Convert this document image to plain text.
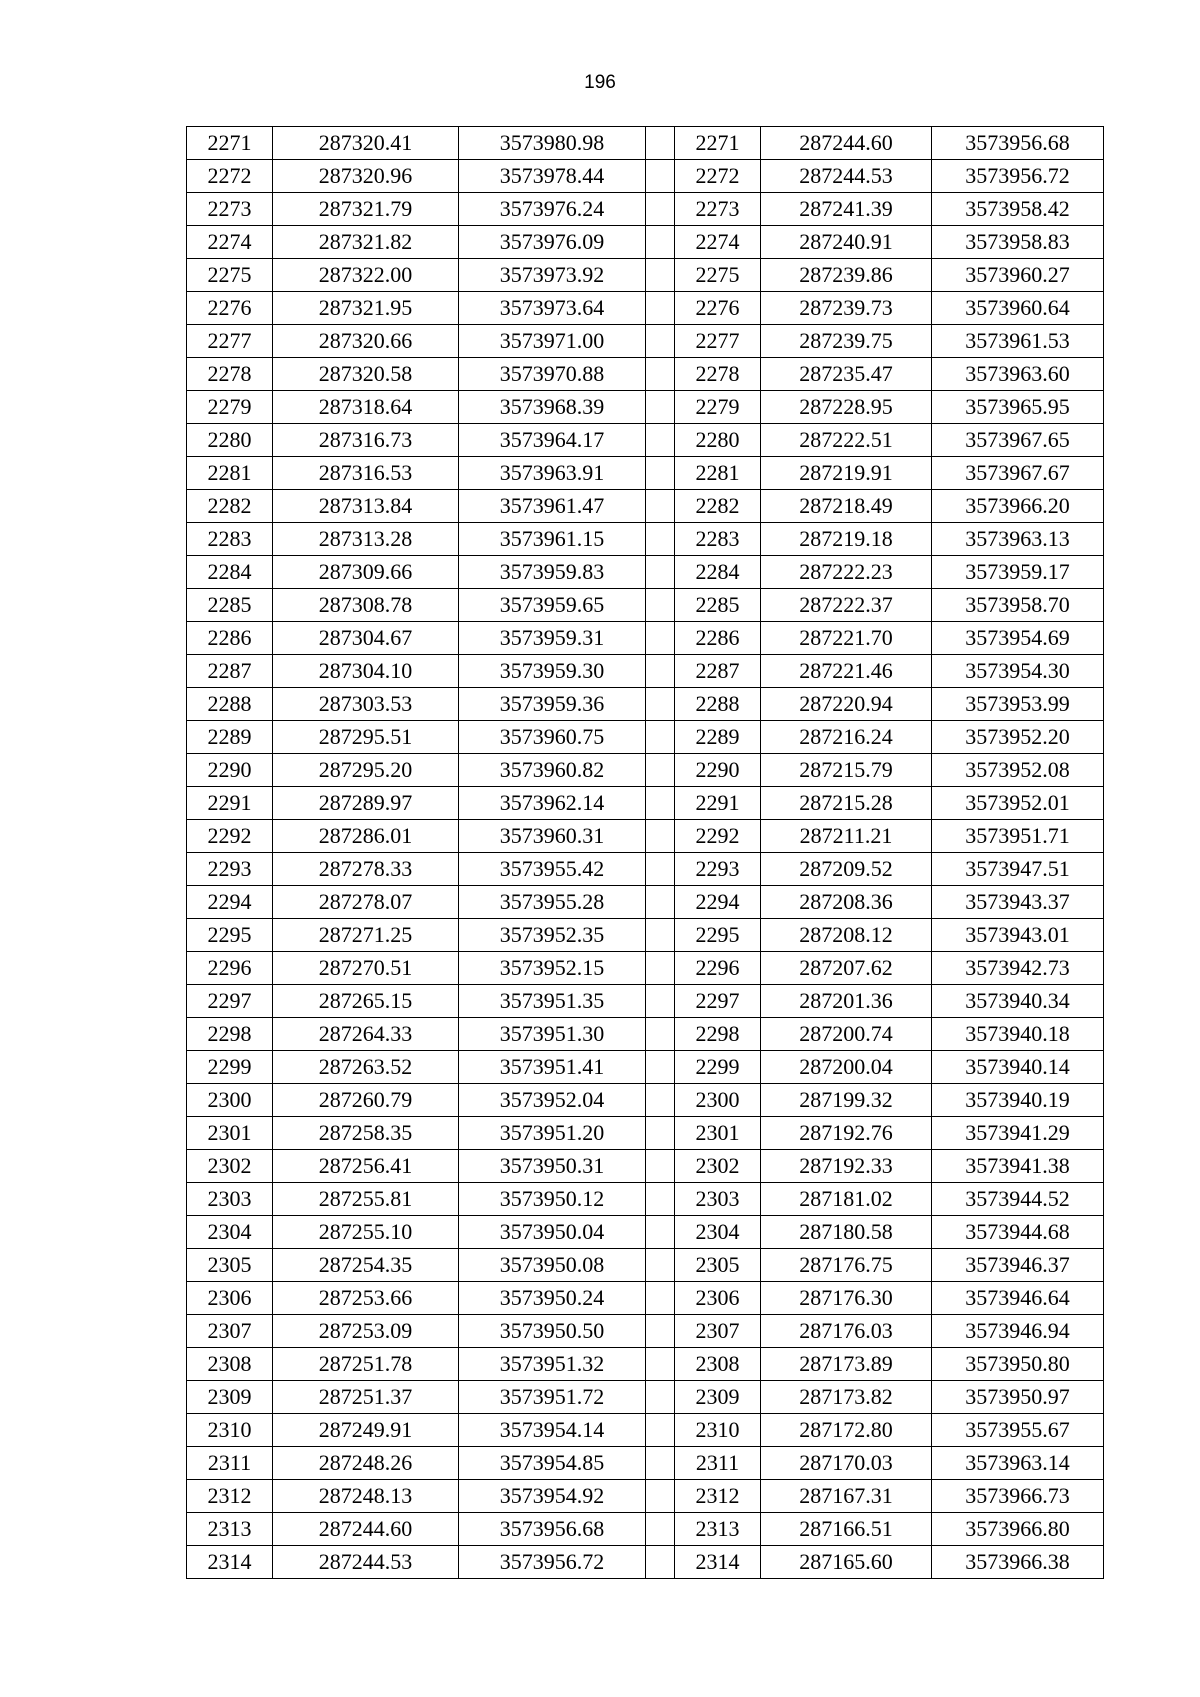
196
2271	287320.41	3573980.98		2271	287244.60	3573956.68
2272	287320.96	3573978.44		2272	287244.53	3573956.72
2273	287321.79	3573976.24		2273	287241.39	3573958.42
2274	287321.82	3573976.09		2274	287240.91	3573958.83
2275	287322.00	3573973.92		2275	287239.86	3573960.27
2276	287321.95	3573973.64		2276	287239.73	3573960.64
2277	287320.66	3573971.00		2277	287239.75	3573961.53
2278	287320.58	3573970.88		2278	287235.47	3573963.60
2279	287318.64	3573968.39		2279	287228.95	3573965.95
2280	287316.73	3573964.17		2280	287222.51	3573967.65
2281	287316.53	3573963.91		2281	287219.91	3573967.67
2282	287313.84	3573961.47		2282	287218.49	3573966.20
2283	287313.28	3573961.15		2283	287219.18	3573963.13
2284	287309.66	3573959.83		2284	287222.23	3573959.17
2285	287308.78	3573959.65		2285	287222.37	3573958.70
2286	287304.67	3573959.31		2286	287221.70	3573954.69
2287	287304.10	3573959.30		2287	287221.46	3573954.30
2288	287303.53	3573959.36		2288	287220.94	3573953.99
2289	287295.51	3573960.75		2289	287216.24	3573952.20
2290	287295.20	3573960.82		2290	287215.79	3573952.08
2291	287289.97	3573962.14		2291	287215.28	3573952.01
2292	287286.01	3573960.31		2292	287211.21	3573951.71
2293	287278.33	3573955.42		2293	287209.52	3573947.51
2294	287278.07	3573955.28		2294	287208.36	3573943.37
2295	287271.25	3573952.35		2295	287208.12	3573943.01
2296	287270.51	3573952.15		2296	287207.62	3573942.73
2297	287265.15	3573951.35		2297	287201.36	3573940.34
2298	287264.33	3573951.30		2298	287200.74	3573940.18
2299	287263.52	3573951.41		2299	287200.04	3573940.14
2300	287260.79	3573952.04		2300	287199.32	3573940.19
2301	287258.35	3573951.20		2301	287192.76	3573941.29
2302	287256.41	3573950.31		2302	287192.33	3573941.38
2303	287255.81	3573950.12		2303	287181.02	3573944.52
2304	287255.10	3573950.04		2304	287180.58	3573944.68
2305	287254.35	3573950.08		2305	287176.75	3573946.37
2306	287253.66	3573950.24		2306	287176.30	3573946.64
2307	287253.09	3573950.50		2307	287176.03	3573946.94
2308	287251.78	3573951.32		2308	287173.89	3573950.80
2309	287251.37	3573951.72		2309	287173.82	3573950.97
2310	287249.91	3573954.14		2310	287172.80	3573955.67
2311	287248.26	3573954.85		2311	287170.03	3573963.14
2312	287248.13	3573954.92		2312	287167.31	3573966.73
2313	287244.60	3573956.68		2313	287166.51	3573966.80
2314	287244.53	3573956.72		2314	287165.60	3573966.38
